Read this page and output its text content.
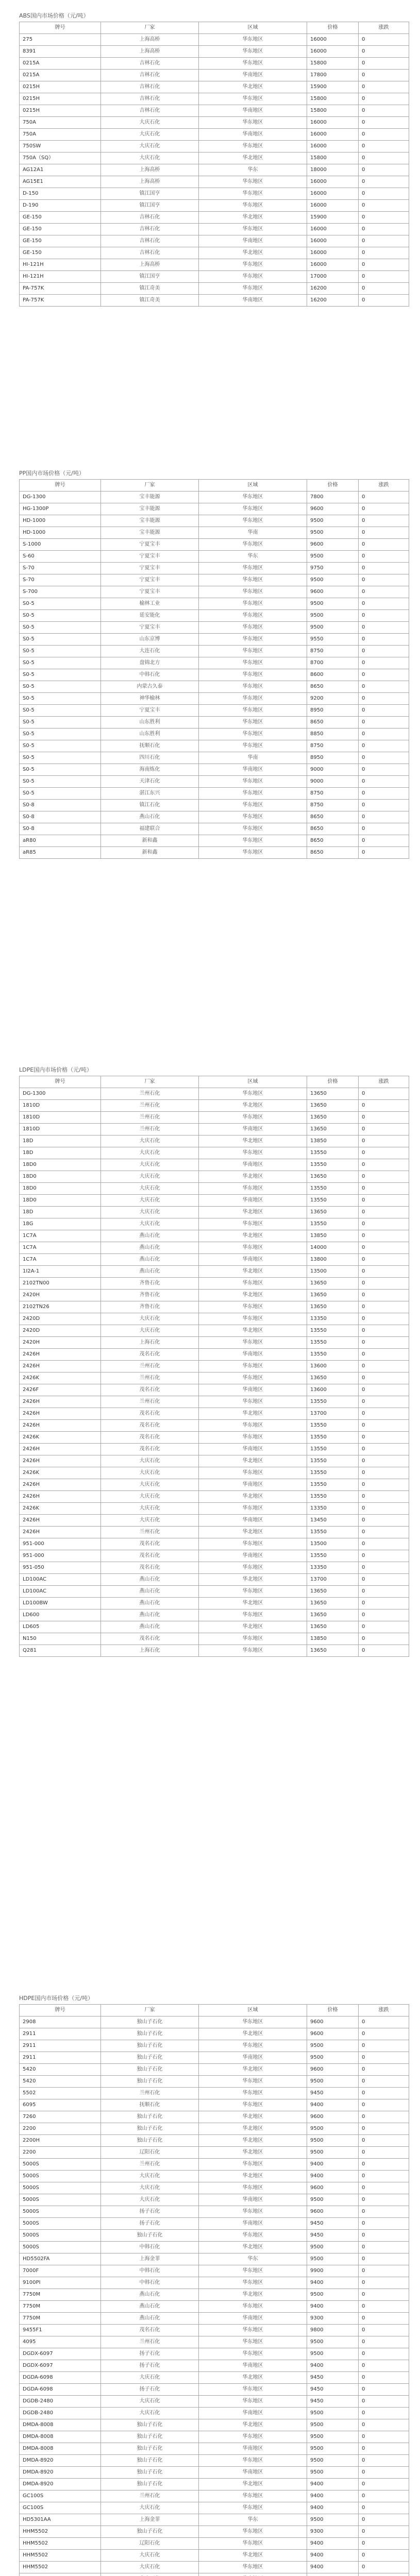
ABS国内市场价格（元/吨）
牌号	厂家	区域	价格	涨跌
275	上海高桥	华东地区	16000	0
8391	上海高桥	华东地区	16000	0
0215A	吉林石化	华东地区	15800	0
0215A	吉林石化	华南地区	17800	0
0215H	吉林石化	华北地区	15900	0
0215H	吉林石化	华东地区	15800	0
0215H	吉林石化	华南地区	15800	0
750A	大庆石化	华东地区	16000	0
750A	大庆石化	华南地区	16000	0
750SW	大庆石化	华东地区	16000	0
750A（SQ）	大庆石化	华北地区	15800	0
AG12A1	上海高桥	华东	18000	0
AG15E1	上海高桥	华东地区	16000	0
D-150	镇江国亨	华东地区	16000	0
D-190	镇江国亨	华东地区	16000	0
GE-150	吉林石化	华北地区	15900	0
GE-150	吉林石化	华东地区	16000	0
GE-150	吉林石化	华南地区	16000	0
GE-150	吉林石化	华北地区	16000	0
HI-121H	上海高桥	华东地区	16000	0
HI-121H	镇江国亨	华东地区	17000	0
PA-757K	镇江奇美	华东地区	16200	0
PA-757K	镇江奇美	华南地区	16200	0
PP国内市场价格（元/吨）
牌号	厂家	区域	价格	涨跌
DG-1300	宝丰能源	华东地区	7800	0
HG-1300P	宝丰能源	华东地区	9600	0
HD-1000	宝丰能源	华东地区	9500	0
HD-1000	宝丰能源	华南	9500	0
S-1000	宁夏宝丰	华东地区	9600	0
S-60	宁夏宝丰	华东	9500	0
S-70	宁夏宝丰	华东地区	9750	0
S-70	宁夏宝丰	华东地区	9500	0
S-700	宁夏宝丰	华东地区	9600	0
S0-5	榆林工业	华东地区	9500	0
S0-5	延安能化	华东地区	9500	0
S0-5	宁夏宝丰	华东地区	9500	0
S0-5	山东京博	华东地区	9550	0
S0-5	大连石化	华东地区	8750	0
S0-5	盘锦北方	华东地区	8700	0
S0-5	中韩石化	华东地区	8600	0
S0-5	内蒙古久泰	华东地区	8650	0
S0-5	神华榆林	华东地区	9200	0
S0-5	宁夏宝丰	华东地区	8950	0
S0-5	山东胜利	华东地区	8650	0
S0-5	山东胜利	华东地区	8850	0
S0-5	抚顺石化	华东地区	8750	0
S0-5	四川石化	华南	8950	0
S0-5	海南炼化	华南地区	9000	0
S0-5	天津石化	华东地区	9000	0
S0-5	湛江东兴	华东地区	8750	0
S0-8	镇江石化	华东地区	8750	0
S0-8	燕山石化	华东地区	8650	0
S0-8	福建联合	华东地区	8650	0
aR80	新和鑫	华东地区	8650	0
aR85	新和鑫	华东地区	8650	0
LDPE国内市场价格（元/吨）
牌号	厂家	区域	价格	涨跌
DG-1300	兰州石化	华东地区	13650	0
1810D	兰州石化	华北地区	13650	0
1810D	兰州石化	华东地区	13650	0
1810D	兰州石化	华南地区	13650	0
18D	大庆石化	华北地区	13850	0
18D	大庆石化	华东地区	13550	0
18D0	大庆石化	华南地区	13550	0
18D0	大庆石化	华北地区	13650	0
18D0	大庆石化	华东地区	13550	0
18D0	大庆石化	华南地区	13550	0
18D	大庆石化	华北地区	13650	0
18G	大庆石化	华东地区	13550	0
1C7A	燕山石化	华北地区	13850	0
1C7A	燕山石化	华东地区	14000	0
1C7A	燕山石化	华南地区	13800	0
1I2A-1	燕山石化	华北地区	13500	0
2102TN00	齐鲁石化	华东地区	13650	0
2420H	齐鲁石化	华北地区	13650	0
2102TN26	齐鲁石化	华东地区	13650	0
2420D	大庆石化	华东地区	13350	0
2420D	大庆石化	华北地区	13550	0
2420H	上海石化	华东地区	13550	0
2426H	茂名石化	华南地区	13550	0
2426H	兰州石化	华东地区	13600	0
2426K	兰州石化	华东地区	13650	0
2426F	茂名石化	华南地区	13600	0
2426H	兰州石化	华东地区	13550	0
2426H	茂名石化	华北地区	13700	0
2426H	茂名石化	华东地区	13550	0
2426K	茂名石化	华东地区	13550	0
2426H	茂名石化	华南地区	13550	0
2426H	大庆石化	华北地区	13550	0
2426K	大庆石化	华东地区	13550	0
2426H	大庆石化	华南地区	13550	0
2426H	大庆石化	华北地区	13550	0
2426K	大庆石化	华东地区	13350	0
2426H	大庆石化	华南地区	13450	0
2426H	兰州石化	华北地区	13550	0
951-000	茂名石化	华东地区	13500	0
951-000	茂名石化	华南地区	13550	0
951-050	茂名石化	华东地区	13350	0
LD100AC	燕山石化	华北地区	13700	0
LD100AC	燕山石化	华东地区	13650	0
LD100BW	燕山石化	华北地区	13650	0
LD600	燕山石化	华东地区	13650	0
LD605	燕山石化	华北地区	13650	0
N150	茂名石化	华东地区	13850	0
Q281	上海石化	华东地区	13650	0
HDPE国内市场价格（元/吨）
牌号	厂家	区域	价格	涨跌
2908	独山子石化	华东地区	9600	0
2911	独山子石化	华北地区	9600	0
2911	独山子石化	华东地区	9500	0
2911	独山子石化	华南地区	9500	0
5420	独山子石化	华北地区	9600	0
5420	独山子石化	华东地区	9500	0
5502	兰州石化	华东地区	9450	0
6095	抚顺石化	华东地区	9400	0
7260	独山子石化	华北地区	9600	0
2200	独山子石化	华北地区	9500	0
2200H	独山子石化	华北地区	9500	0
2200	辽阳石化	华北地区	9500	0
5000S	兰州石化	华东地区	9400	0
5000S	大庆石化	华北地区	9400	0
5000S	大庆石化	华东地区	9600	0
5000S	大庆石化	华南地区	9500	0
5000S	扬子石化	华东地区	9600	0
5000S	扬子石化	华南地区	9450	0
5000S	独山子石化	华东地区	9450	0
5000S	中韩石化	华北地区	9500	0
HD5502FA	上海金菲	华东	9500	0
7000F	中韩石化	华东地区	9900	0
9100PI	中韩石化	华东地区	9400	0
7750M	燕山石化	华北地区	9500	0
7750M	燕山石化	华东地区	9400	0
7750M	燕山石化	华南地区	9300	0
9455F1	茂名石化	华东地区	9800	0
4095	兰州石化	华东地区	9500	0
DGDX-6097	扬子石化	华东地区	9500	0
DGDX-6097	扬子石化	华南地区	9400	0
DGDA-6098	大庆石化	华北地区	9450	0
DGDA-6098	扬子石化	华东地区	9450	0
DGDB-2480	大庆石化	华东地区	9450	0
DGDB-2480	大庆石化	华南地区	9500	0
DMDA-8008	独山子石化	华北地区	9500	0
DMDA-8008	独山子石化	华东地区	9500	0
DMDA-8008	独山子石化	华南地区	9500	0
DMDA-8920	独山子石化	华东地区	9500	0
DMDA-8920	独山子石化	华南地区	9500	0
DMDA-8920	独山子石化	华北地区	9400	0
GC100S	兰州石化	华东地区	9400	0
GC100S	大庆石化	华东地区	9400	0
HD5301AA	上海金菲	华东	9500	0
HHM5502	独山子石化	华东地区	9300	0
HHM5502	辽阳石化	华东地区	9400	0
HHM5502	大庆石化	华北地区	9400	0
HHM5502	大庆石化	华东地区	9400	0
